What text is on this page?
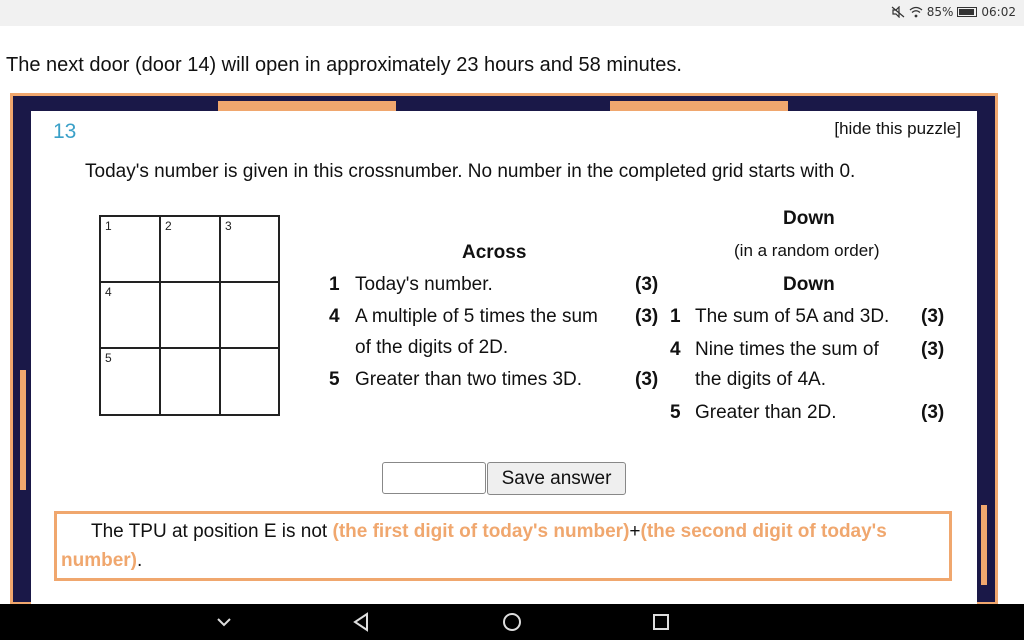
85% 06:02
The next door (door 14) will open in approximately 23 hours and 58 minutes.
13	[hide this puzzle]
Today's number is given in this crossnumber. No number in the completed grid starts with 0.
1	2	3
4
5
Across
1 Today's number.	(3)
4 A multiple of 5 times the sum
of the digits of 2D.
(3)
5 Greater than two times 3D.	(3)
Down
(in a random order)
Down
1 The sum of 5A and 3D. (3)
4 Nine times the sum of
the digits of 4A.
(3)
5 Greater than 2D.	(3)
Save answer
The TPU at position E is not (the first digit of today's number)+(the second digit of today's number).
